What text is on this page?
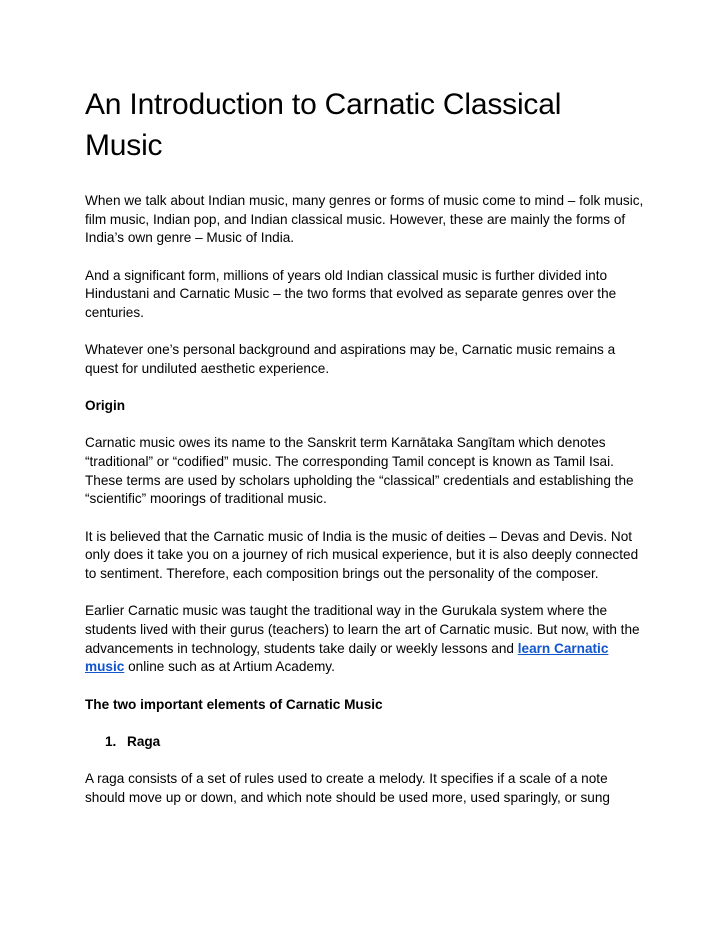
An Introduction to Carnatic Classical Music

When we talk about Indian music, many genres or forms of music come to mind – folk music, film music, Indian pop, and Indian classical music. However, these are mainly the forms of India’s own genre – Music of India.

And a significant form, millions of years old Indian classical music is further divided into Hindustani and Carnatic Music – the two forms that evolved as separate genres over the centuries.

Whatever one’s personal background and aspirations may be, Carnatic music remains a quest for undiluted aesthetic experience.

Origin

Carnatic music owes its name to the Sanskrit term Karnātaka Sangītam which denotes “traditional” or “codified” music. The corresponding Tamil concept is known as Tamil Isai. These terms are used by scholars upholding the “classical” credentials and establishing the “scientific” moorings of traditional music.

It is believed that the Carnatic music of India is the music of deities – Devas and Devis. Not only does it take you on a journey of rich musical experience, but it is also deeply connected to sentiment. Therefore, each composition brings out the personality of the composer.

Earlier Carnatic music was taught the traditional way in the Gurukala system where the students lived with their gurus (teachers) to learn the art of Carnatic music. But now, with the advancements in technology, students take daily or weekly lessons and learn Carnatic music online such as at Artium Academy.

The two important elements of Carnatic Music

1. Raga

A raga consists of a set of rules used to create a melody. It specifies if a scale of a note should move up or down, and which note should be used more, used sparingly, or sung
